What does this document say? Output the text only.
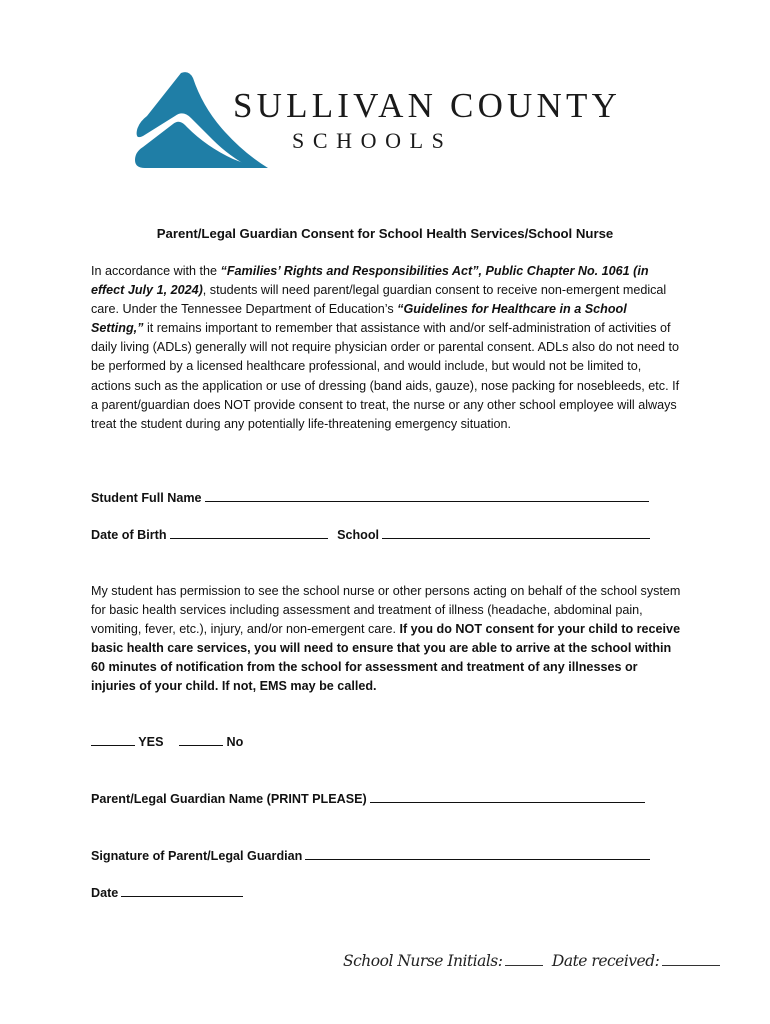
SULLIVAN COUNTY
SCHOOLS
Parent/Legal Guardian Consent for School Health Services/School Nurse

In accordance with the “Families’ Rights and Responsibilities Act”, Public Chapter No. 1061 (in effect July 1, 2024), students will need parent/legal guardian consent to receive non-emergent medical care. Under the Tennessee Department of Education’s “Guidelines for Healthcare in a School Setting,” it remains important to remember that assistance with and/or self-administration of activities of daily living (ADLs) generally will not require physician order or parental consent. ADLs also do not need to be performed by a licensed healthcare professional, and would include, but would not be limited to, actions such as the application or use of dressing (band aids, gauze), nose packing for nosebleeds, etc. If a parent/guardian does NOT provide consent to treat, the nurse or any other school employee will always treat the student during any potentially life-threatening emergency situation.

Student Full Name
Date of Birth	School

My student has permission to see the school nurse or other persons acting on behalf of the school system for basic health services including assessment and treatment of illness (headache, abdominal pain, vomiting, fever, etc.), injury, and/or non-emergent care. If you do NOT consent for your child to receive basic health care services, you will need to ensure that you are able to arrive at the school within 60 minutes of notification from the school for assessment and treatment of any illnesses or injuries of your child. If not, EMS may be called.

YES	No
Parent/Legal Guardian Name (PRINT PLEASE)
Signature of Parent/Legal Guardian
Date
School Nurse Initials:	Date received:
